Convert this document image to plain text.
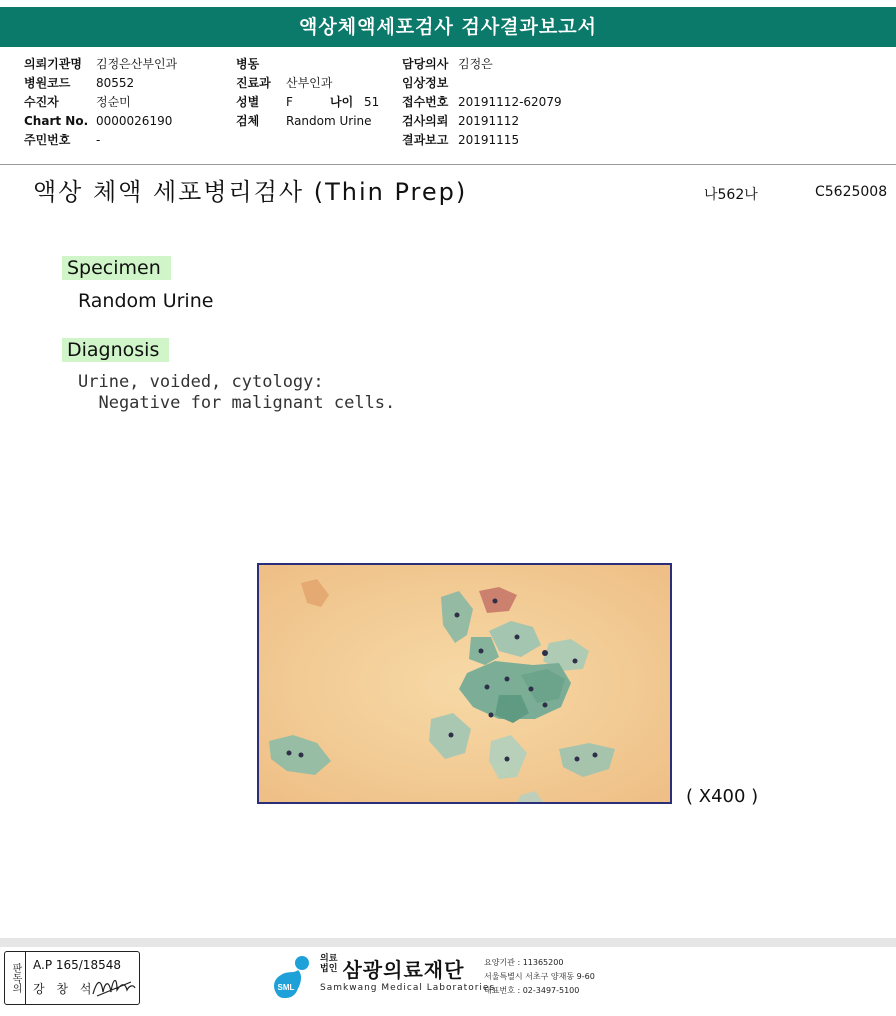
액상체액세포검사 검사결과보고서
의뢰기관명 김정은산부인과
병원코드 80552
수진자	정순미
Chart No. 0000026190
주민번호 -
병동
진료과 산부인과
성별 F	나이 51
검체 Random Urine
담당의사 김정은
임상정보
접수번호 20191112-62079
검사의뢰 20191112
결과보고 20191115
액상 체액 세포병리검사 (Thin Prep)	나562나	C5625008
Specimen
Random Urine
Diagnosis
Urine, voided, cytology:
Negative for malignant cells.
( X400 )
판독의	A.P 165/18548
강 창 석	SML
의료
법인 삼광의료재단
Samkwang Medical Laboratories
요양기관 : 11365200
서울특별시 서초구 양재동 9-60
대표번호 : 02-3497-5100
